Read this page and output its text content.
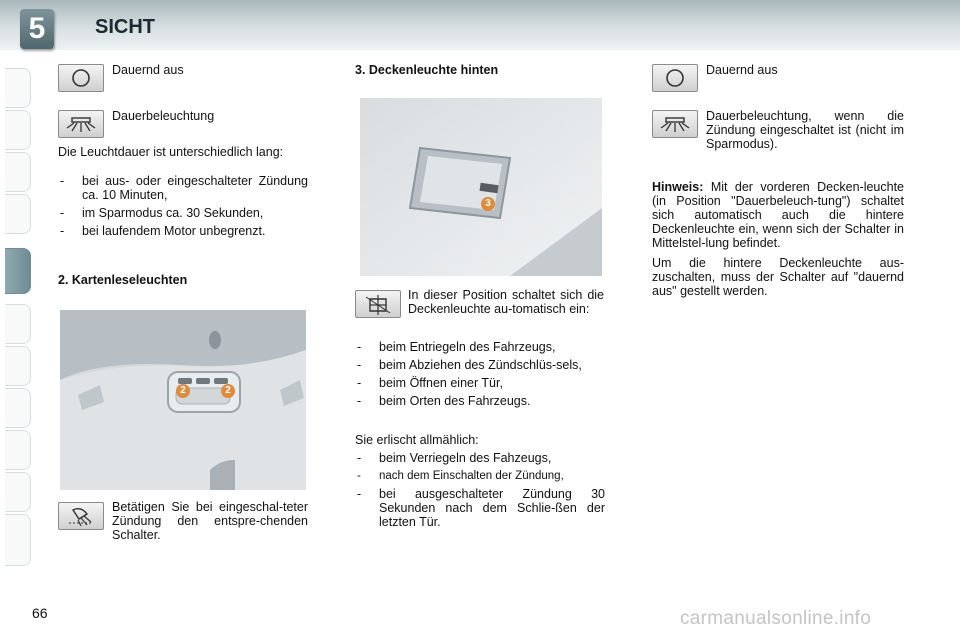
5	SICHT
Dauernd aus
Dauerbeleuchtung
Die Leuchtdauer ist unterschiedlich lang:
- bei aus- oder eingeschalteter Zündung ca. 10 Minuten,
- im Sparmodus ca. 30 Sekunden,
- bei laufendem Motor unbegrenzt.
2. Kartenleseleuchten
2	2
Betätigen Sie bei eingeschal-teter Zündung den entspre-chenden Schalter.
3. Deckenleuchte hinten
3
In dieser Position schaltet sich die Deckenleuchte au-tomatisch ein:
- beim Entriegeln des Fahrzeugs,
- beim Abziehen des Zündschlüs-sels,
- beim Öffnen einer Tür,
- beim Orten des Fahrzeugs.
Sie erlischt allmählich:
- beim Verriegeln des Fahzeugs,
- nach dem Einschalten der Zündung,
- bei ausgeschalteter Zündung 30 Sekunden nach dem Schlie-ßen der letzten Tür.
Dauernd aus
Dauerbeleuchtung, wenn die Zündung eingeschaltet ist (nicht im Sparmodus).
Hinweis: Mit der vorderen Decken-leuchte (in Position "Dauerbeleuch-tung") schaltet sich automatisch auch die hintere Deckenleuchte ein, wenn sich der Schalter in Mittelstel-lung befindet.
Um die hintere Deckenleuchte aus-zuschalten, muss der Schalter auf "dauernd aus" gestellt werden.
66	carmanualsonline.info
